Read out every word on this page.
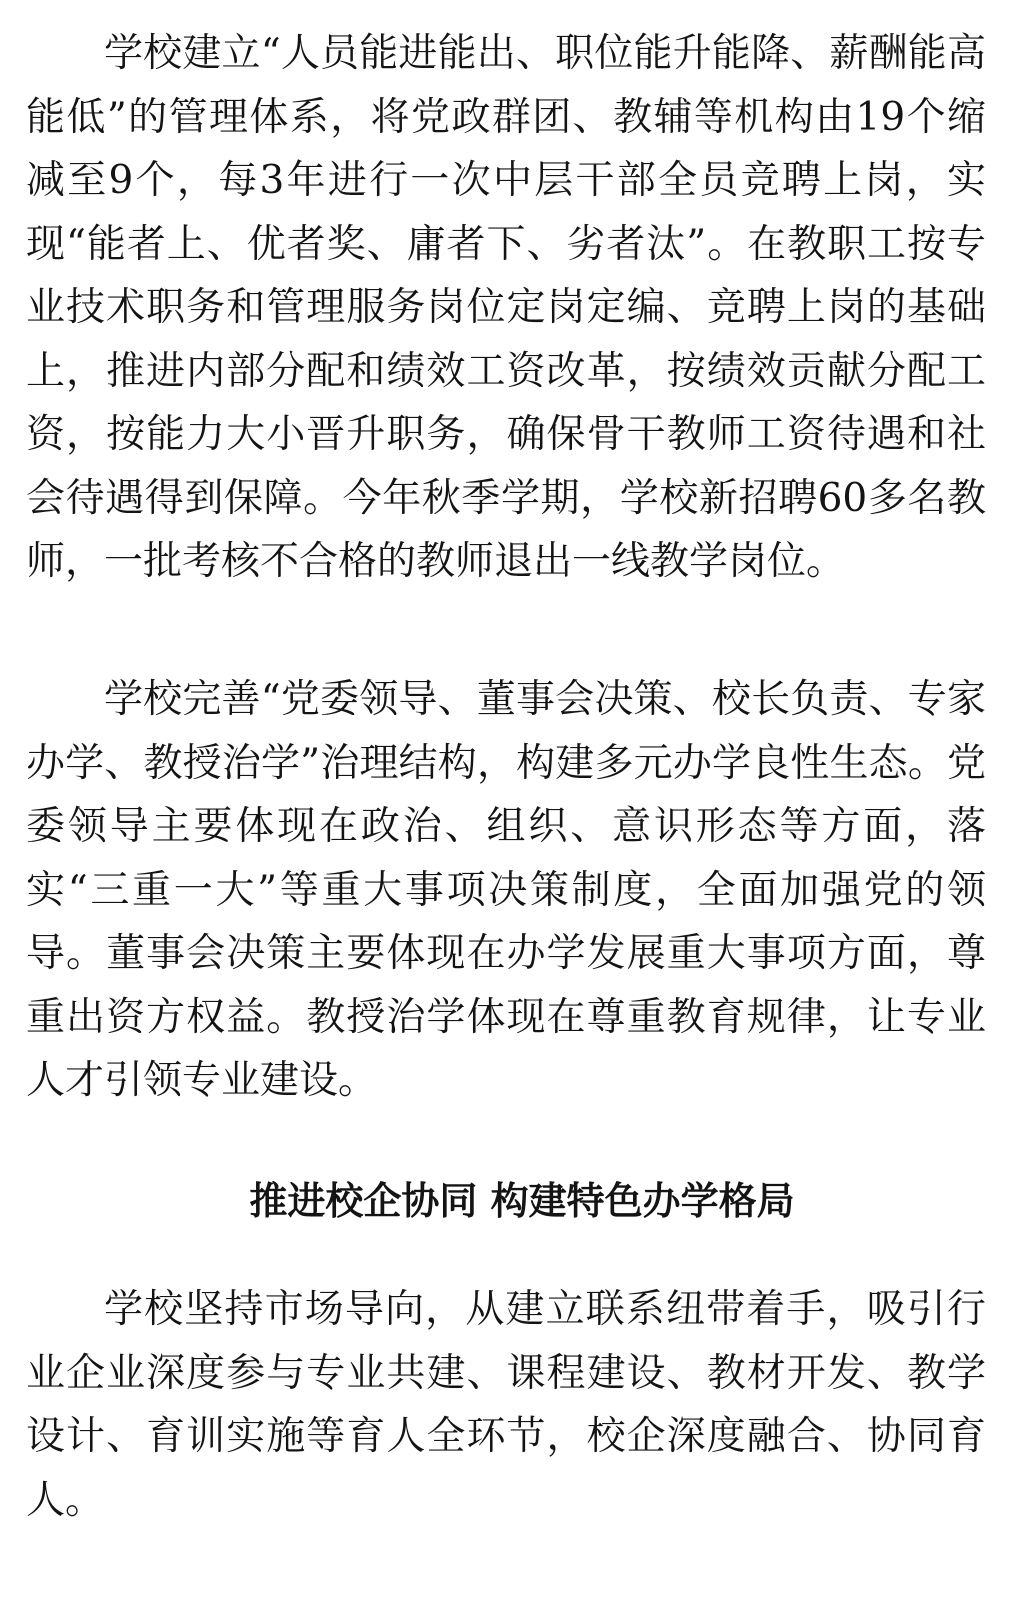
学校建立“人员能进能出、职位能升能降、薪酬能高能低”的管理体系，将党政群团、教辅等机构由19个缩减至9个，每3年进行一次中层干部全员竞聘上岗，实现“能者上、优者奖、庸者下、劣者汰”。在教职工按专业技术职务和管理服务岗位定岗定编、竞聘上岗的基础上，推进内部分配和绩效工资改革，按绩效贡献分配工资，按能力大小晋升职务，确保骨干教师工资待遇和社会待遇得到保障。今年秋季学期，学校新招聘60多名教师，一批考核不合格的教师退出一线教学岗位。

学校完善“党委领导、董事会决策、校长负责、专家办学、教授治学”治理结构，构建多元办学良性生态。党委领导主要体现在政治、组织、意识形态等方面，落实“三重一大”等重大事项决策制度，全面加强党的领导。董事会决策主要体现在办学发展重大事项方面，尊重出资方权益。教授治学体现在尊重教育规律，让专业人才引领专业建设。

推进校企协同 构建特色办学格局

学校坚持市场导向，从建立联系纽带着手，吸引行业企业深度参与专业共建、课程建设、教材开发、教学设计、育训实施等育人全环节，校企深度融合、协同育人。
